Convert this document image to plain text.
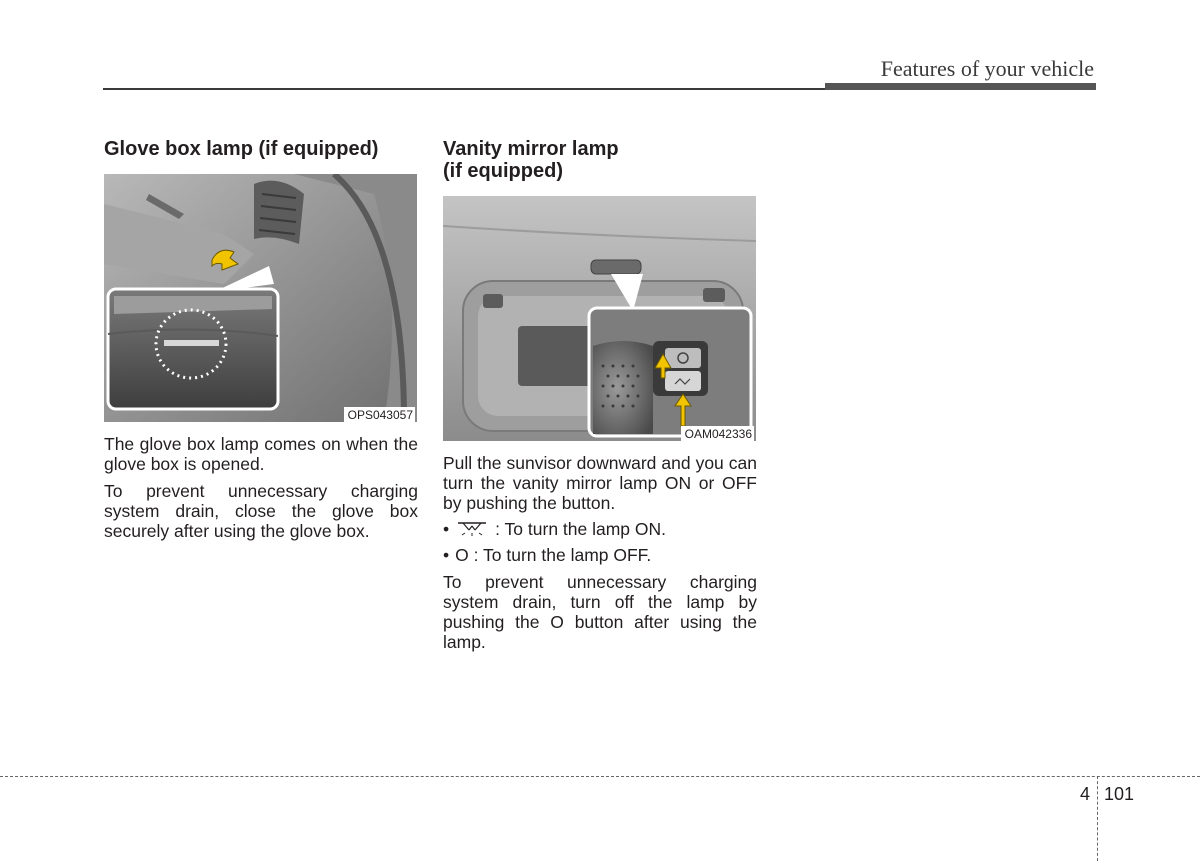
Features of your vehicle
Glove box lamp (if equipped)
OPS043057

The glove box lamp comes on when the glove box is opened.

To prevent unnecessary charging system drain, close the glove box securely after using the glove box.

Vanity mirror lamp
(if equipped)
OAM042336

Pull the sunvisor downward and you can turn the vanity mirror lamp ON or OFF by pushing the button.

•	: To turn the lamp ON.
• O : To turn the lamp OFF.

To prevent unnecessary charging system drain, turn off the lamp by pushing the O button after using the lamp.

4 101
